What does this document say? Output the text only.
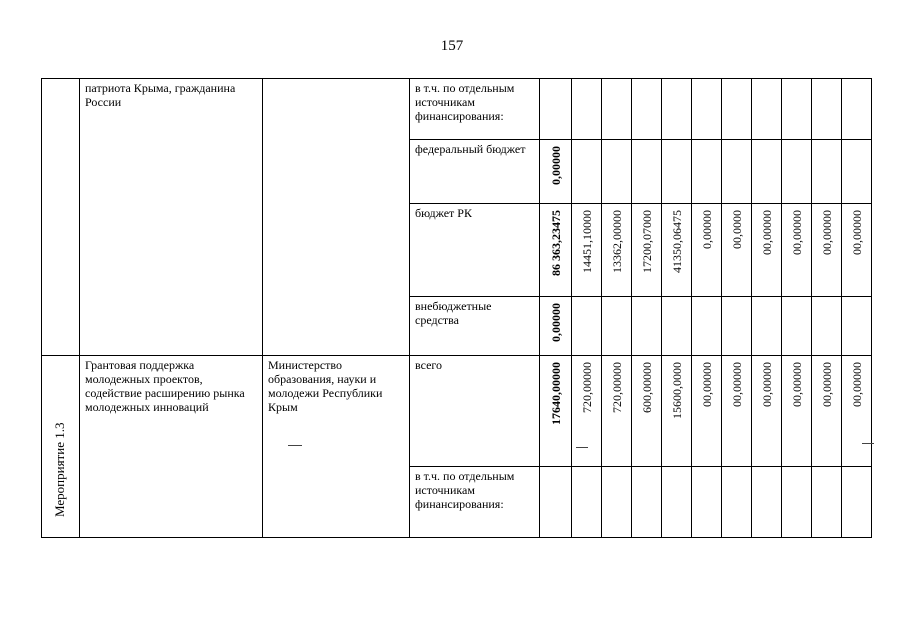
157

	патриота Крыма, гражданина России		в т.ч. по отдельным источникам финансирования:											

			федеральный бюджет	0,00000										

			бюджет РК	86 363,23475	14451,10000	13362,00000	17200,07000	41350,06475	0,00000	00,0000	00,00000	00,00000	00,00000	00,00000

			внебюджетные средства	0,00000										

Мероприятие 1.3	Грантовая поддержка молодежных проектов, содействие расширению рынка молодежных инноваций	Министерство образования, науки и молодежи Республики Крым	всего	17640,00000	720,00000	720,00000	600,00000	15600,0000	00,00000	00,00000	00,00000	00,00000	00,00000	00,00000

			в т.ч. по отдельным источникам финансирования:											
